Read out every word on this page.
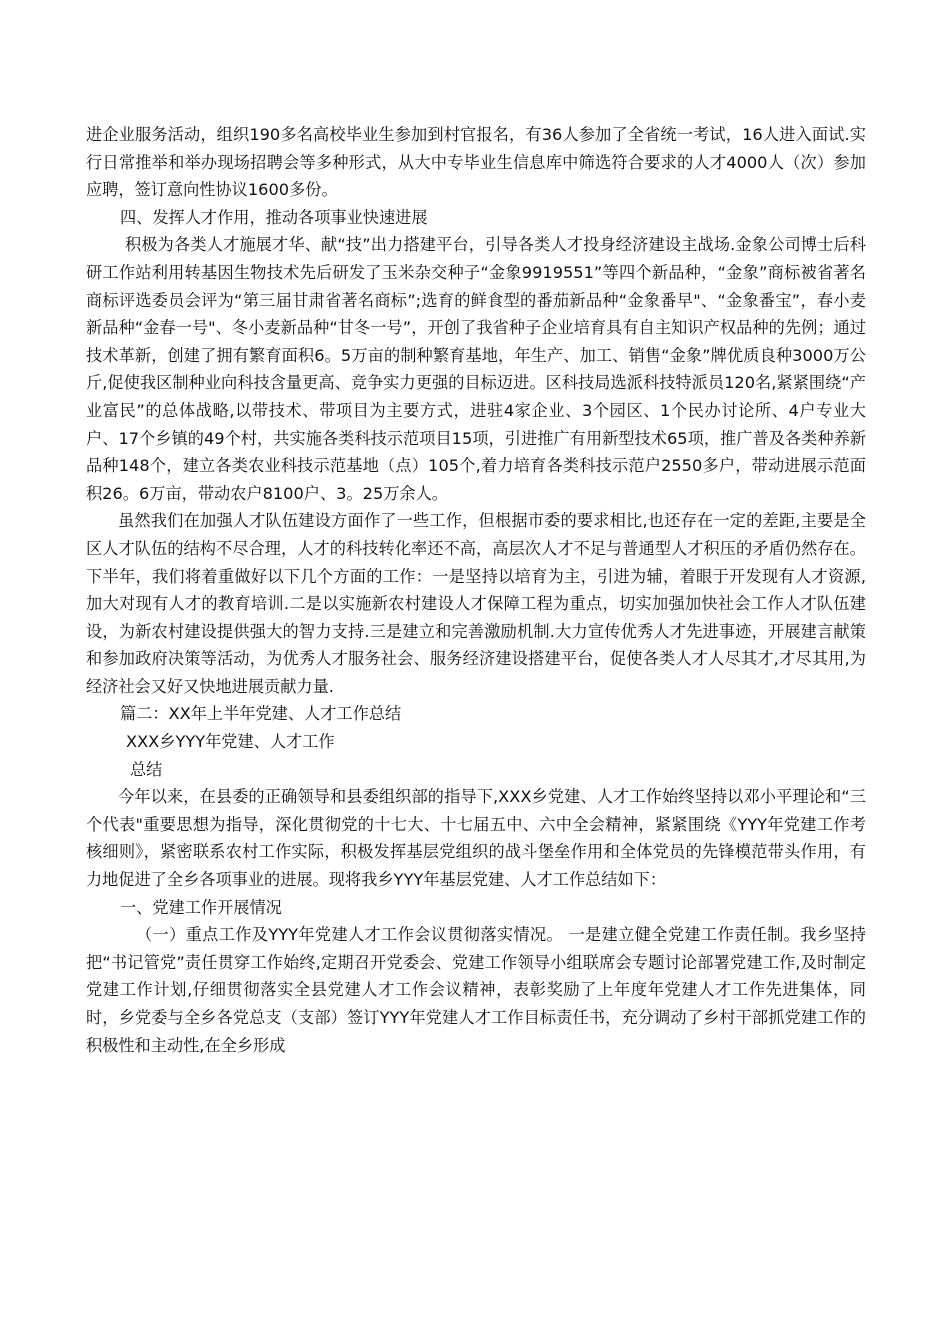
进企业服务活动，组织190多名高校毕业生参加到村官报名，有36人参加了全省统一考试，16人进入面试.实行日常推举和举办现场招聘会等多种形式，从大中专毕业生信息库中筛选符合要求的人才4000人（次）参加应聘，签订意向性协议1600多份。

四、发挥人才作用，推动各项事业快速进展

积极为各类人才施展才华、献“技”出力搭建平台，引导各类人才投身经济建设主战场.金象公司博士后科研工作站利用转基因生物技术先后研发了玉米杂交种子“金象9919551”等四个新品种，“金象”商标被省著名商标评选委员会评为“第三届甘肃省著名商标”;选育的鲜食型的番茄新品种“金象番早"、“金象番宝”，春小麦新品种“金春一号"、冬小麦新品种“甘冬一号”，开创了我省种子企业培育具有自主知识产权品种的先例；通过技术革新，创建了拥有繁育面积6。5万亩的制种繁育基地，年生产、加工、销售“金象”牌优质良种3000万公斤,促使我区制种业向科技含量更高、竞争实力更强的目标迈进。区科技局选派科技特派员120名,紧紧围绕“产业富民”的总体战略,以带技术、带项目为主要方式，进驻4家企业、3个园区、1个民办讨论所、4户专业大户、17个乡镇的49个村，共实施各类科技示范项目15项，引进推广有用新型技术65项，推广普及各类种养新品种148个，建立各类农业科技示范基地（点）105个,着力培育各类科技示范户2550多户，带动进展示范面积26。6万亩，带动农户8100户、3。25万余人。

虽然我们在加强人才队伍建设方面作了一些工作，但根据市委的要求相比,也还存在一定的差距,主要是全区人才队伍的结构不尽合理，人才的科技转化率还不高，高层次人才不足与普通型人才积压的矛盾仍然存在。下半年，我们将着重做好以下几个方面的工作：一是坚持以培育为主，引进为辅，着眼于开发现有人才资源,加大对现有人才的教育培训.二是以实施新农村建设人才保障工程为重点，切实加强加快社会工作人才队伍建设，为新农村建设提供强大的智力支持.三是建立和完善激励机制.大力宣传优秀人才先进事迹，开展建言献策和参加政府决策等活动，为优秀人才服务社会、服务经济建设搭建平台，促使各类人才人尽其才,才尽其用,为经济社会又好又快地进展贡献力量.

篇二：XX年上半年党建、人才工作总结

XXX乡YYY年党建、人才工作

总结

今年以来，在县委的正确领导和县委组织部的指导下,XXX乡党建、人才工作始终坚持以邓小平理论和“三个代表"重要思想为指导，深化贯彻党的十七大、十七届五中、六中全会精神，紧紧围绕《YYY年党建工作考核细则》，紧密联系农村工作实际，积极发挥基层党组织的战斗堡垒作用和全体党员的先锋模范带头作用，有力地促进了全乡各项事业的进展。现将我乡YYY年基层党建、人才工作总结如下：

一、党建工作开展情况

（一）重点工作及YYY年党建人才工作会议贯彻落实情况。 一是建立健全党建工作责任制。我乡坚持把“书记管党”责任贯穿工作始终,定期召开党委会、党建工作领导小组联席会专题讨论部署党建工作,及时制定党建工作计划,仔细贯彻落实全县党建人才工作会议精神，表彰奖励了上年度年党建人才工作先进集体，同时，乡党委与全乡各党总支（支部）签订YYY年党建人才工作目标责任书，充分调动了乡村干部抓党建工作的积极性和主动性,在全乡形成
